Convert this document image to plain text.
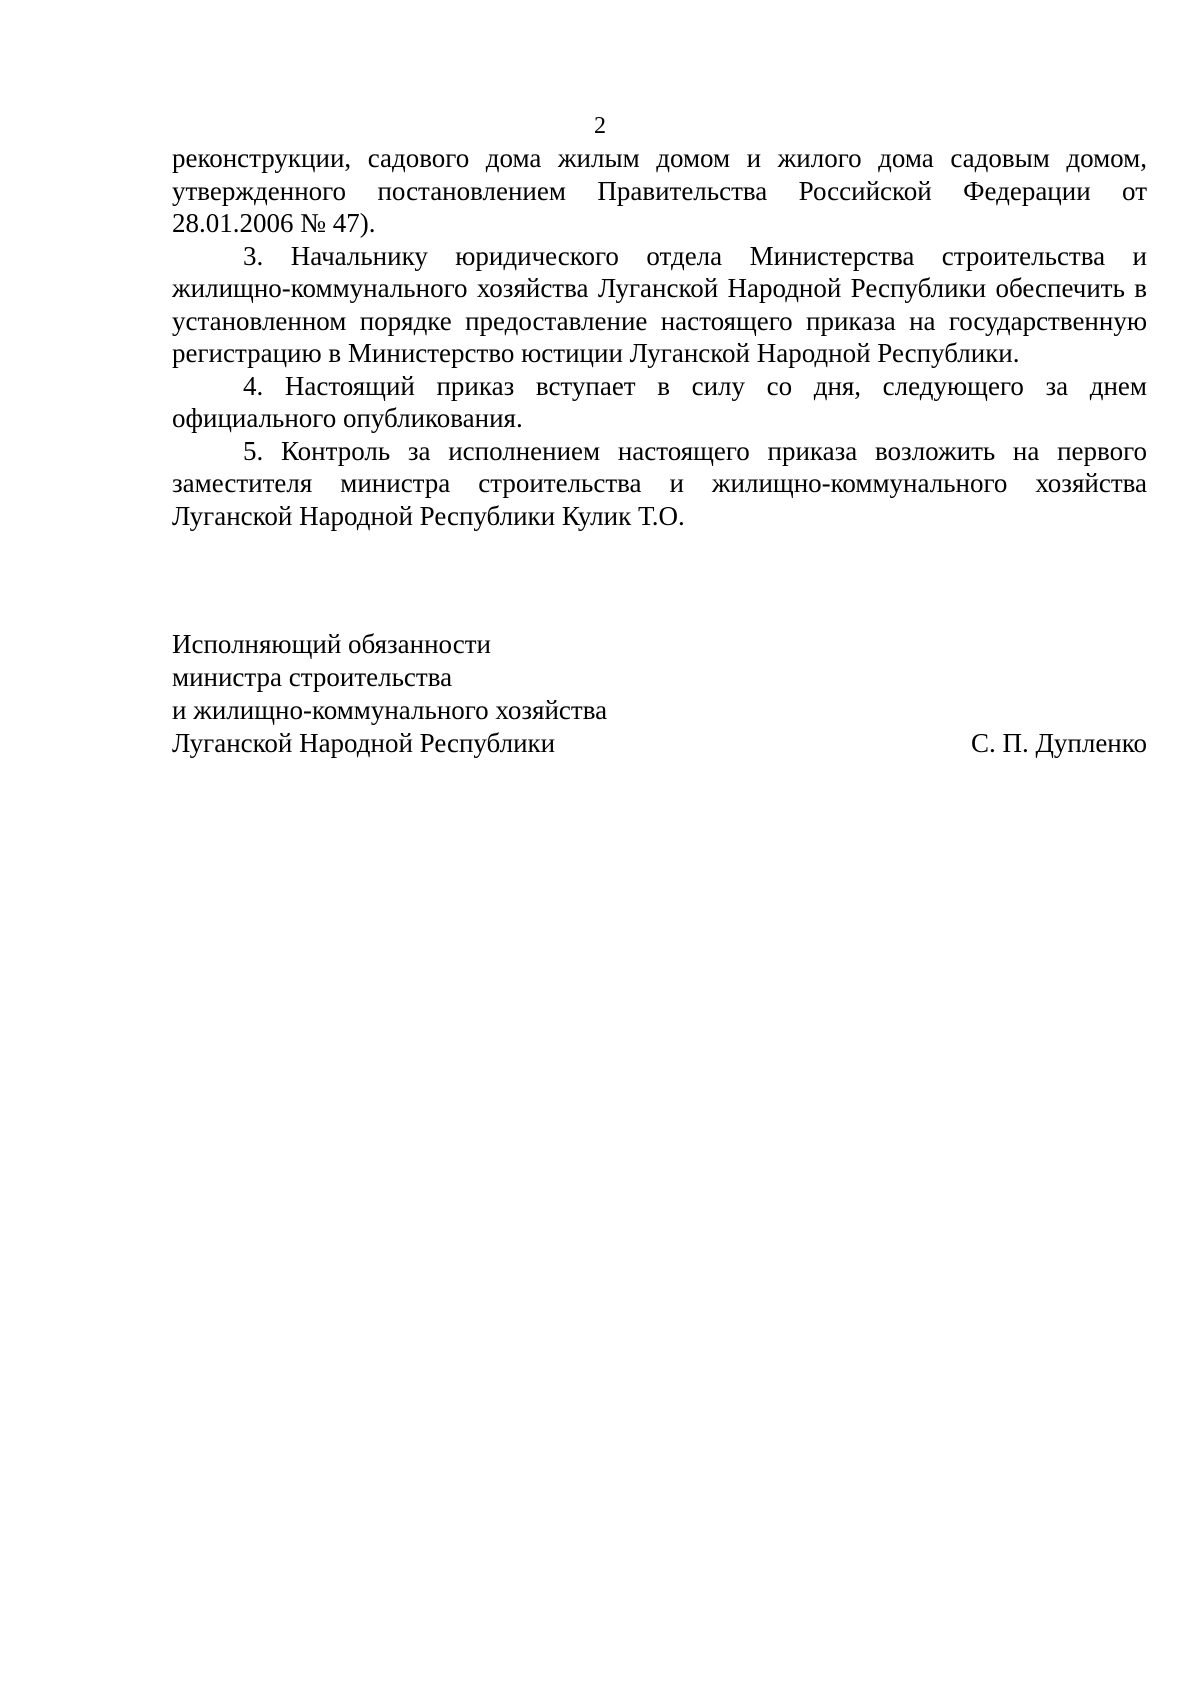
2

реконструкции, садового дома жилым домом и жилого дома садовым домом, утвержденного постановлением Правительства Российской Федерации от 28.01.2006 № 47).

3. Начальнику юридического отдела Министерства строительства и жилищно-коммунального хозяйства Луганской Народной Республики обеспечить в установленном порядке предоставление настоящего приказа на государственную регистрацию в Министерство юстиции Луганской Народной Республики.

4. Настоящий приказ вступает в силу со дня, следующего за днем официального опубликования.

5. Контроль за исполнением настоящего приказа возложить на первого заместителя министра строительства и жилищно-коммунального хозяйства Луганской Народной Республики Кулик Т.О.

Исполняющий обязанности
министра строительства
и жилищно-коммунального хозяйства
Луганской Народной Республики	С. П. Дупленко
